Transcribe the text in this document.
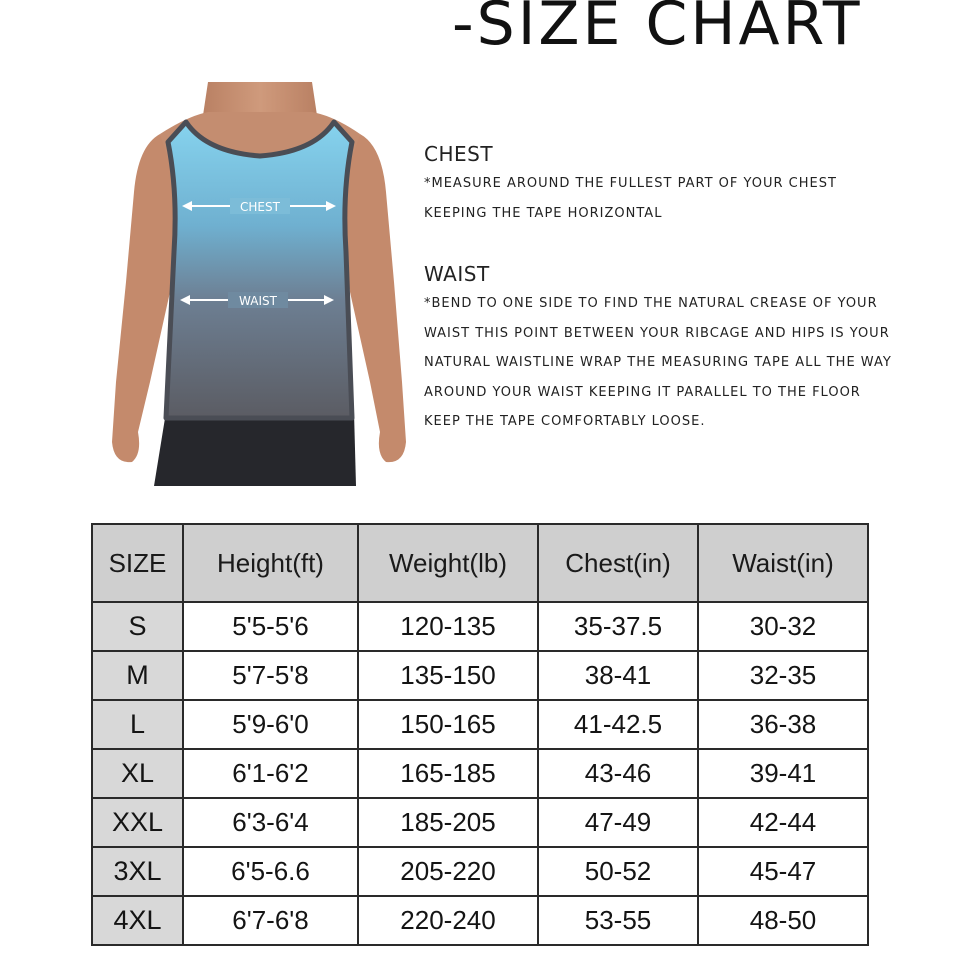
-SIZE CHART
CHEST
WAIST
CHEST
*MEASURE AROUND THE FULLEST PART OF YOUR CHEST KEEPING THE TAPE HORIZONTAL
WAIST
*BEND TO ONE SIDE TO FIND THE NATURAL CREASE OF YOUR WAIST THIS POINT BETWEEN YOUR RIBCAGE AND HIPS IS YOUR NATURAL WAISTLINE WRAP THE MEASURING TAPE ALL THE WAY AROUND YOUR WAIST KEEPING IT PARALLEL TO THE FLOOR KEEP THE TAPE COMFORTABLY LOOSE.
SIZE	Height(ft)	Weight(lb)	Chest(in)	Waist(in)
S	5'5-5'6	120-135	35-37.5	30-32
M	5'7-5'8	135-150	38-41	32-35
L	5'9-6'0	150-165	41-42.5	36-38
XL	6'1-6'2	165-185	43-46	39-41
XXL	6'3-6'4	185-205	47-49	42-44
3XL	6'5-6.6	205-220	50-52	45-47
4XL	6'7-6'8	220-240	53-55	48-50
